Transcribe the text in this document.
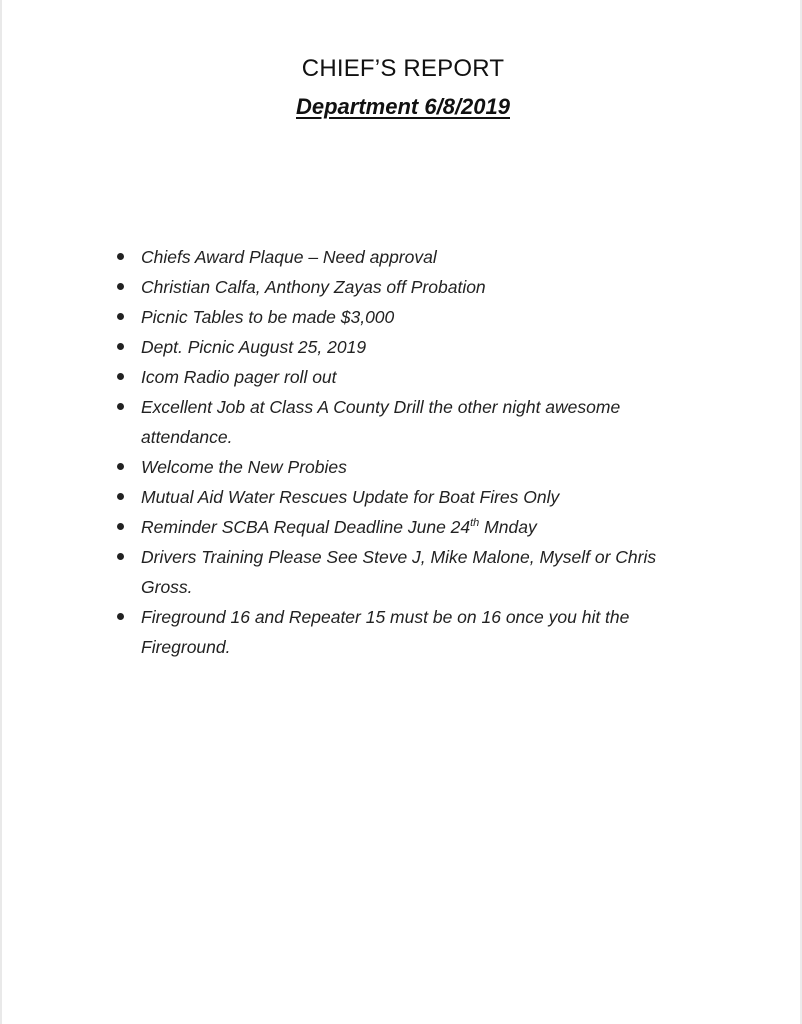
CHIEF’S REPORT
Department 6/8/2019
Chiefs Award Plaque – Need approval
Christian Calfa, Anthony Zayas off Probation
Picnic Tables to be made $3,000
Dept. Picnic August 25, 2019
Icom Radio pager roll out
Excellent Job at Class A County Drill the other night awesome attendance.
Welcome the New Probies
Mutual Aid Water Rescues Update for Boat Fires Only
Reminder SCBA Requal Deadline June 24th Mnday
Drivers Training Please See Steve J, Mike Malone, Myself or Chris Gross.
Fireground 16 and Repeater 15 must be on 16 once you hit the Fireground.
